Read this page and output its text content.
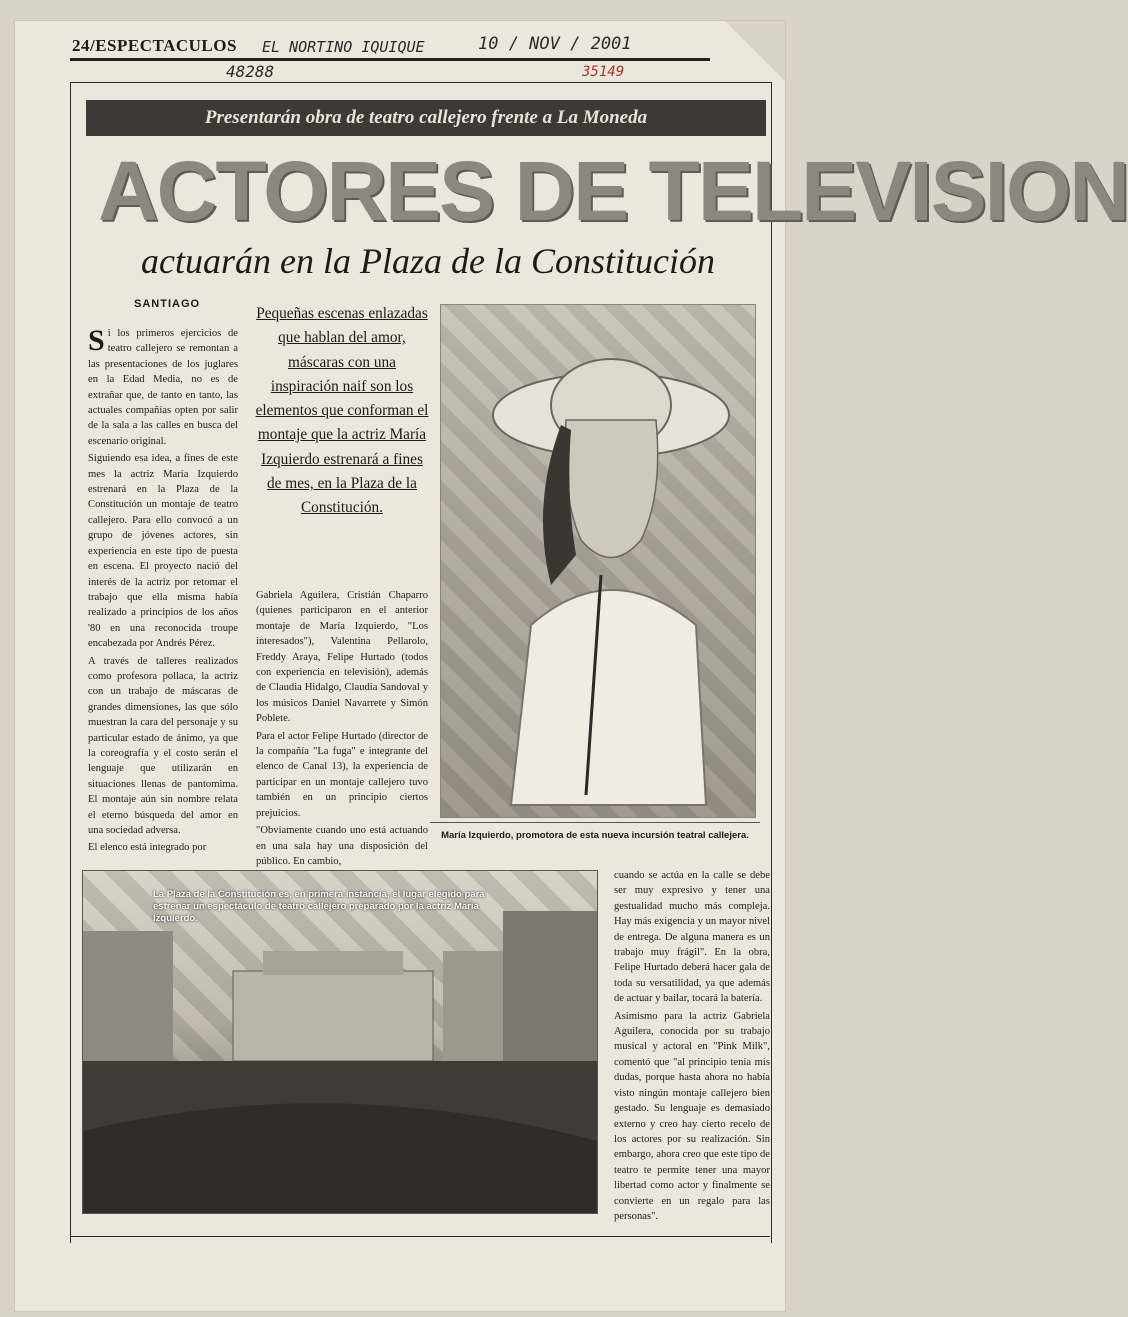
24/ESPECTACULOS EL NORTINO IQUIQUE	10 / NOV / 2001
48288	35149
Presentarán obra de teatro callejero frente a La Moneda
ACTORES DE TELEVISION
actuarán en la Plaza de la Constitución
SANTIAGO
S i los primeros ejercicios de teatro callejero se remontan a las presentaciones de los juglares en la Edad Media, no es de extrañar que, de tanto en tanto, las actuales compañías opten por salir de la sala a las calles en busca del escenario original.

Siguiendo esa idea, a fines de este mes la actriz María Izquierdo estrenará en la Plaza de la Constitución un montaje de teatro callejero. Para ello convocó a un grupo de jóvenes actores, sin experiencia en este tipo de puesta en escena. El proyecto nació del interés de la actriz por retomar el trabajo que ella misma había realizado a principios de los años '80 en una reconocida troupe encabezada por Andrés Pérez.

A través de talleres realizados como profesora pollaca, la actriz con un trabajo de máscaras de grandes dimensiones, las que sólo muestran la cara del personaje y su particular estado de ánimo, ya que la coreografía y el costo serán el lenguaje que utilizarán en situaciones llenas de pantomima. El montaje aún sin nombre relata el eterno búsqueda del amor en una sociedad adversa.

El elenco está integrado por

Pequeñas escenas enlazadas que hablan del amor, máscaras con una inspiración naif son los elementos que conforman el montaje que la actriz María Izquierdo estrenará a fines de mes, en la Plaza de la Constitución.

Gabriela Aguilera, Cristián Chaparro (quienes participaron en el anterior montaje de María Izquierdo, "Los interesados"), Valentina Pellarolo, Freddy Araya, Felipe Hurtado (todos con experiencia en televisión), además de Claudia Hidalgo, Claudia Sandoval y los músicos Daniel Navarrete y Simón Poblete.

Para el actor Felipe Hurtado (director de la compañía "La fuga" e integrante del elenco de Canal 13), la experiencia de participar en un montaje callejero tuvo también en un principio ciertos prejuicios.

"Obviamente cuando uno está actuando en una sala hay una disposición del público. En cambio,

María Izquierdo, promotora de esta nueva incursión teatral callejera.
La Plaza de la Constitución es, en primera instancia, el lugar elegido para estrenar un espectáculo de teatro callejero preparado por la actriz María Izquierdo.

cuando se actúa en la calle se debe ser muy expresivo y tener una gestualidad mucho más compleja. Hay más exigencia y un mayor nivel de entrega. De alguna manera es un trabajo muy frágil". En la obra, Felipe Hurtado deberá hacer gala de toda su versatilidad, ya que además de actuar y bailar, tocará la batería.

Asimismo para la actriz Gabriela Aguilera, conocida por su trabajo musical y actoral en "Pink Milk", comentó que "al principio tenía mis dudas, porque hasta ahora no había visto ningún montaje callejero bien gestado. Su lenguaje es demasiado externo y creo hay cierto recelo de los actores por su realización. Sin embargo, ahora creo que este tipo de teatro te permite tener una mayor libertad como actor y finalmente se convierte en un regalo para las personas".
